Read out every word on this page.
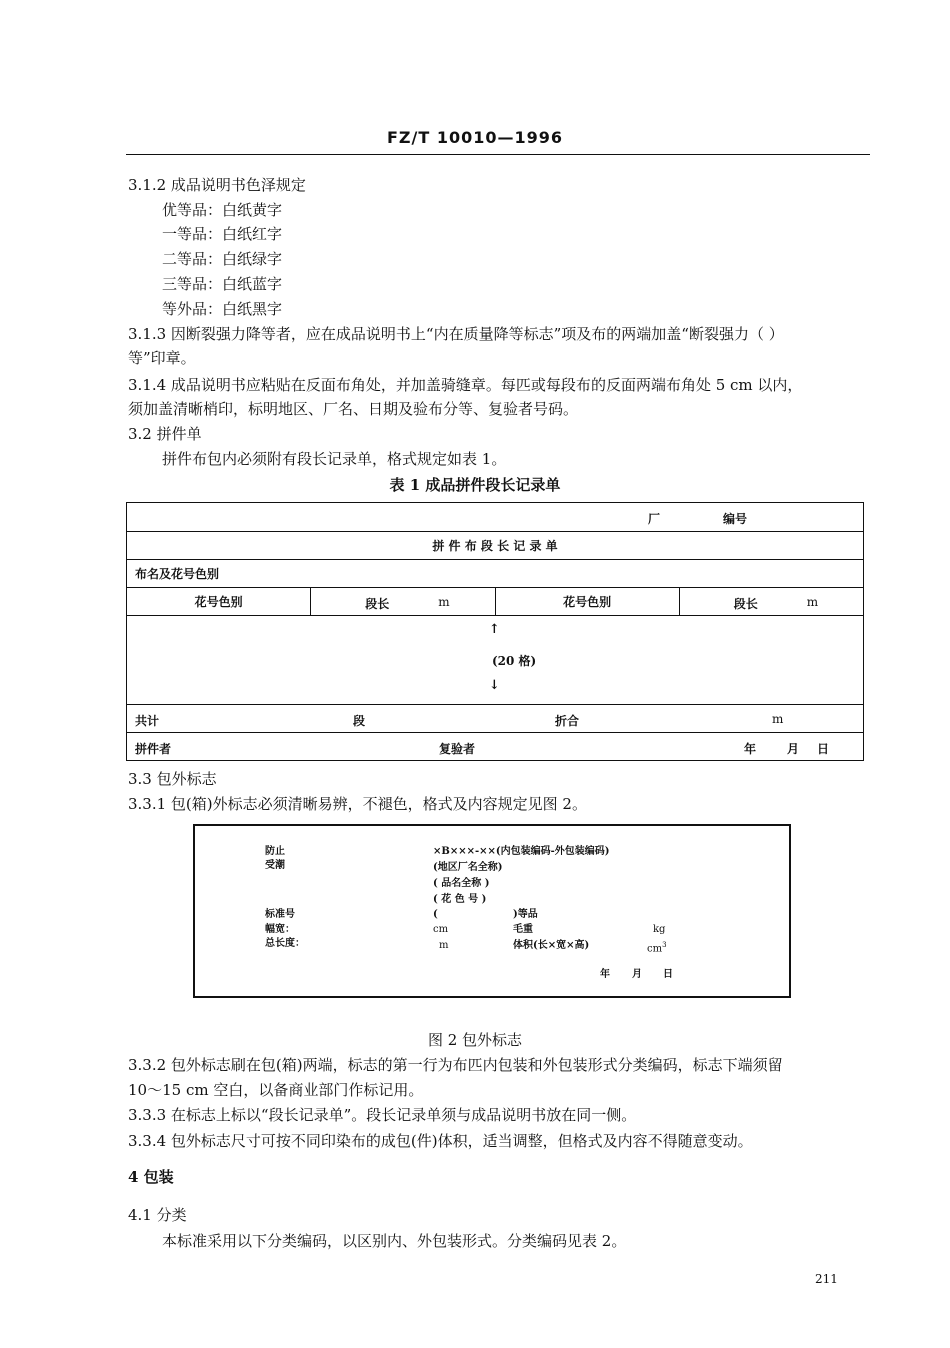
FZ/T 10010—1996
3.1.2 成品说明书色泽规定
优等品：白纸黄字
一等品：白纸红字
二等品：白纸绿字
三等品：白纸蓝字
等外品：白纸黑字
3.1.3 因断裂强力降等者，应在成品说明书上“内在质量降等标志”项及布的两端加盖“断裂强力（ ）
等”印章。
3.1.4 成品说明书应粘贴在反面布角处，并加盖骑缝章。每匹或每段布的反面两端布角处 5 cm 以内，
须加盖清晰梢印，标明地区、厂名、日期及验布分等、复验者号码。
3.2 拼件单
拼件布包内必须附有段长记录单，格式规定如表 1。
表 1 成品拼件段长记录单
厂	编号

拼 件 布 段 长 记 录 单
布名及花号色别
花号色别	段长	m	花号色别	段长	m

↑
(20 格)
↓

共计	段	折合	m

拼件者	复验者	年	月 日
3.3 包外标志
3.3.1 包(箱)外标志必须清晰易辨，不褪色，格式及内容规定见图 2。
防止
受潮
×B×××-××(内包装编码-外包装编码)
(地区厂名全称)
( 品名全称 )
( 花 色 号 )
标准号	(	)等品
幅宽：	cm	毛重	kg
总长度：	m	体积(长×宽×高)	$cm^3$
年 月 日
图 2 包外标志
3.3.2 包外标志刷在包(箱)两端，标志的第一行为布匹内包装和外包装形式分类编码，标志下端须留
10～15 cm 空白，以备商业部门作标记用。
3.3.3 在标志上标以“段长记录单”。段长记录单须与成品说明书放在同一侧。
3.3.4 包外标志尺寸可按不同印染布的成包(件)体积，适当调整，但格式及内容不得随意变动。
4 包装
4.1 分类
本标准采用以下分类编码，以区别内、外包装形式。分类编码见表 2。
211
